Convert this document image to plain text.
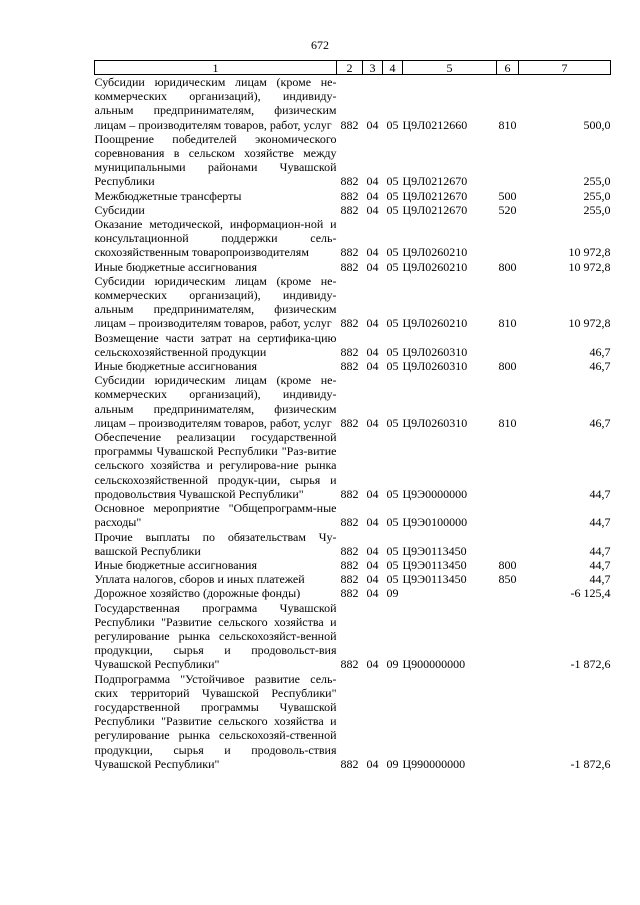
672
1	2	3	4	5	6	7
Субсидии юридическим лицам (кроме не-коммерческих организаций), индивиду-альным предпринимателям, физическим лицам – производителям товаров, работ, услуг	882	04	05	Ц9Л0212660	810	500,0
Поощрение победителей экономического соревнования в сельском хозяйстве между муниципальными районами Чувашской Республики	882	04	05	Ц9Л0212670		255,0
Межбюджетные трансферты	882	04	05	Ц9Л0212670	500	255,0
Субсидии	882	04	05	Ц9Л0212670	520	255,0
Оказание методической, информацион-ной и консультационной поддержки сель-скохозяйственным товаропроизводителям	882	04	05	Ц9Л0260210		10 972,8
Иные бюджетные ассигнования	882	04	05	Ц9Л0260210	800	10 972,8
Субсидии юридическим лицам (кроме не-коммерческих организаций), индивиду-альным предпринимателям, физическим лицам – производителям товаров, работ, услуг	882	04	05	Ц9Л0260210	810	10 972,8
Возмещение части затрат на сертифика-цию сельскохозяйственной продукции	882	04	05	Ц9Л0260310		46,7
Иные бюджетные ассигнования	882	04	05	Ц9Л0260310	800	46,7
Субсидии юридическим лицам (кроме не-коммерческих организаций), индивиду-альным предпринимателям, физическим лицам – производителям товаров, работ, услуг	882	04	05	Ц9Л0260310	810	46,7
Обеспечение реализации государственной программы Чувашской Республики "Раз-витие сельского хозяйства и регулирова-ние рынка сельскохозяйственной продук-ции, сырья и продовольствия Чувашской Республики"	882	04	05	Ц9Э0000000		44,7
Основное мероприятие "Общепрограмм-ные расходы"	882	04	05	Ц9Э0100000		44,7
Прочие выплаты по обязательствам Чу-вашской Республики	882	04	05	Ц9Э0113450		44,7
Иные бюджетные ассигнования	882	04	05	Ц9Э0113450	800	44,7
Уплата налогов, сборов и иных платежей	882	04	05	Ц9Э0113450	850	44,7
Дорожное хозяйство (дорожные фонды)	882	04	09			-6 125,4
Государственная программа Чувашской Республики "Развитие сельского хозяйства и регулирование рынка сельскохозяйст-венной продукции, сырья и продовольст-вия Чувашской Республики"	882	04	09	Ц900000000		-1 872,6
Подпрограмма "Устойчивое развитие сель-ских территорий Чувашской Республики" государственной программы Чувашской Республики "Развитие сельского хозяйства и регулирование рынка сельскохозяй-ственной продукции, сырья и продоволь-ствия Чувашской Республики"	882	04	09	Ц990000000		-1 872,6
